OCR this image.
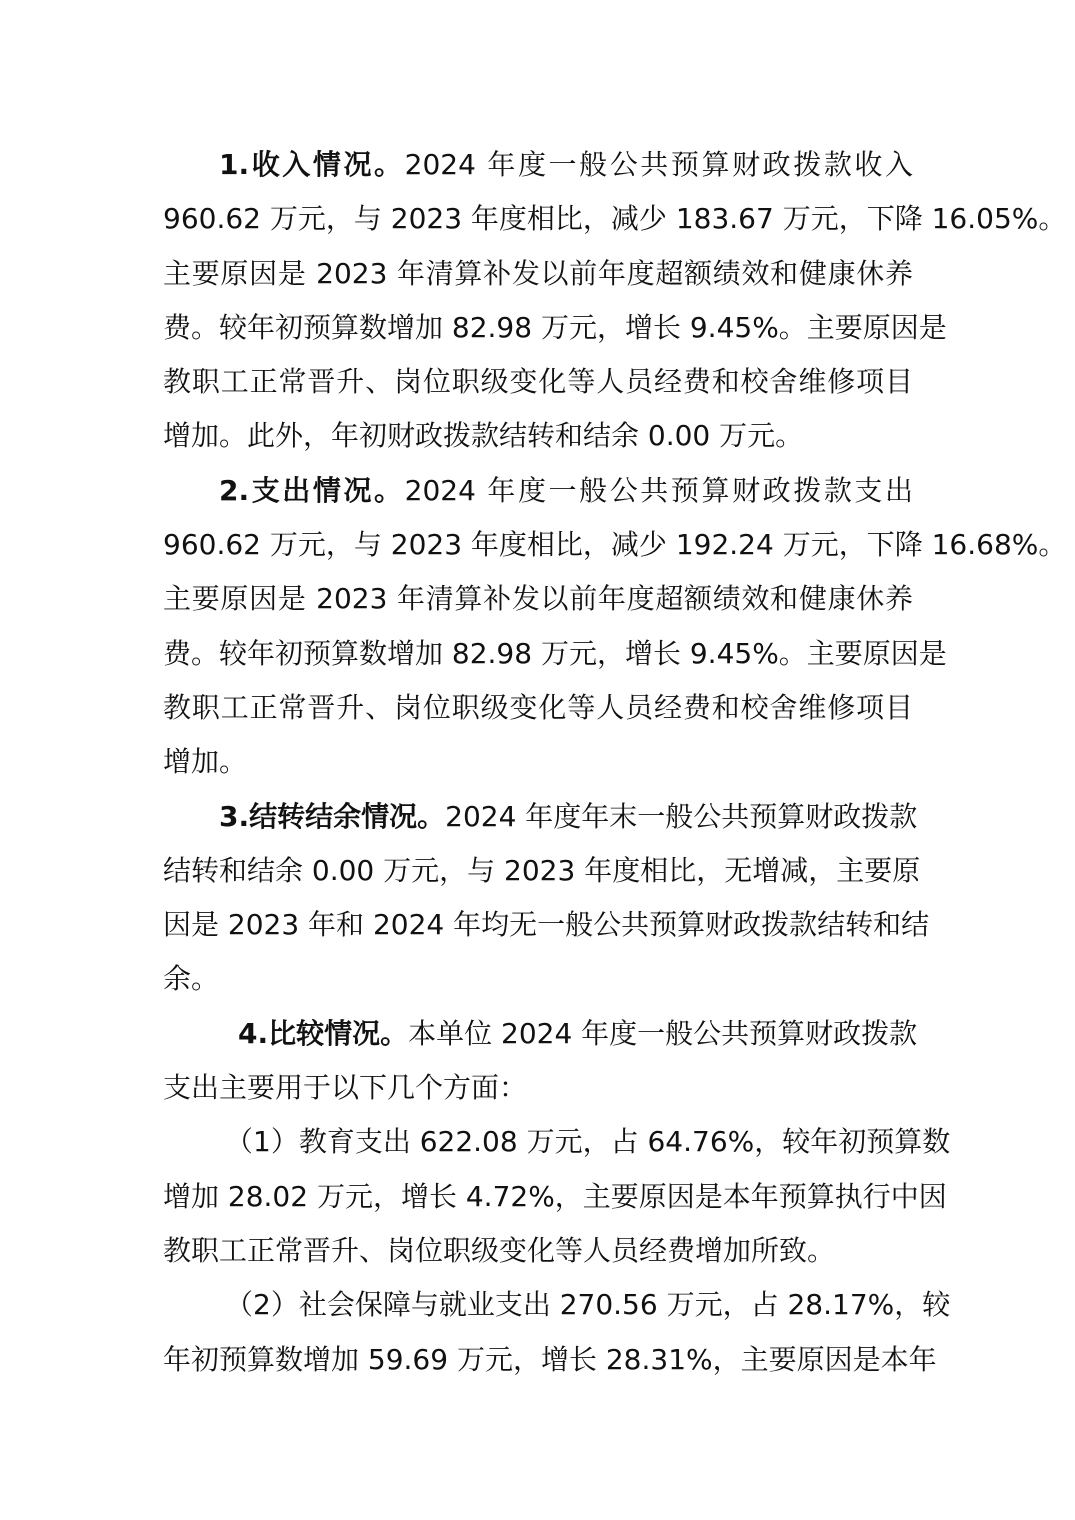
1.收入情况。2024 年度一般公共预算财政拨款收入
960.62 万元，与 2023 年度相比，减少 183.67 万元，下降 16.05%。
主要原因是 2023 年清算补发以前年度超额绩效和健康休养
费。较年初预算数增加 82.98 万元，增长 9.45%。主要原因是
教职工正常晋升、岗位职级变化等人员经费和校舍维修项目
增加。此外，年初财政拨款结转和结余 0.00 万元。
2.支出情况。2024 年度一般公共预算财政拨款支出
960.62 万元，与 2023 年度相比，减少 192.24 万元，下降 16.68%。
主要原因是 2023 年清算补发以前年度超额绩效和健康休养
费。较年初预算数增加 82.98 万元，增长 9.45%。主要原因是
教职工正常晋升、岗位职级变化等人员经费和校舍维修项目
增加。
3.结转结余情况。2024 年度年末一般公共预算财政拨款
结转和结余 0.00 万元，与 2023 年度相比，无增减，主要原
因是 2023 年和 2024 年均无一般公共预算财政拨款结转和结
余。
4.比较情况。本单位 2024 年度一般公共预算财政拨款
支出主要用于以下几个方面：
（1）教育支出 622.08 万元，占 64.76%，较年初预算数
增加 28.02 万元，增长 4.72%，主要原因是本年预算执行中因
教职工正常晋升、岗位职级变化等人员经费增加所致。
（2）社会保障与就业支出 270.56 万元，占 28.17%，较
年初预算数增加 59.69 万元，增长 28.31%，主要原因是本年
